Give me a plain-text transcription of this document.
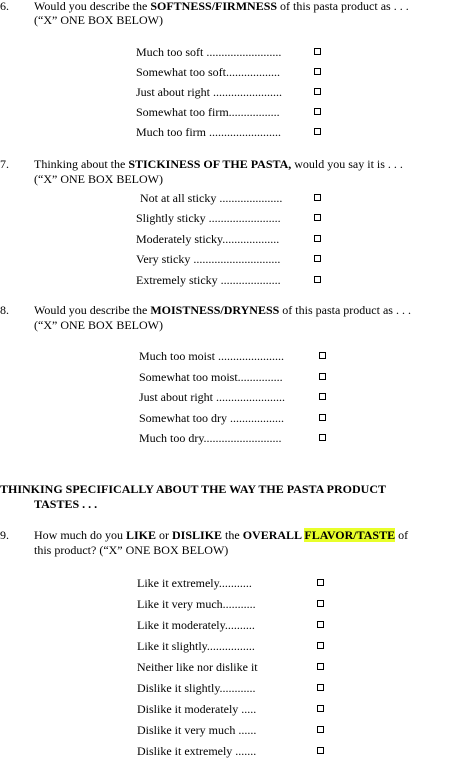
6. Would you describe the SOFTNESS/FIRMNESS of this pasta product as . . .
(“X” ONE BOX BELOW)
Much too soft .........................
Somewhat too soft..................
Just about right .......................
Somewhat too firm.................
Much too firm ........................
7. Thinking about the STICKINESS OF THE PASTA, would you say it is . . .
(“X” ONE BOX BELOW)
Not at all sticky .....................
Slightly sticky ........................
Moderately sticky...................
Very sticky .............................
Extremely sticky ....................
8. Would you describe the MOISTNESS/DRYNESS of this pasta product as . . .
(“X” ONE BOX BELOW)
Much too moist ......................
Somewhat too moist...............
Just about right .......................
Somewhat too dry ..................
Much too dry..........................
THINKING SPECIFICALLY ABOUT THE WAY THE PASTA PRODUCT
TASTES . . .
9. How much do you LIKE or DISLIKE the OVERALL FLAVOR/TASTE of
this product? (“X” ONE BOX BELOW)
Like it extremely...........
Like it very much...........
Like it moderately..........
Like it slightly................
Neither like nor dislike it
Dislike it slightly............
Dislike it moderately .....
Dislike it very much ......
Dislike it extremely .......
